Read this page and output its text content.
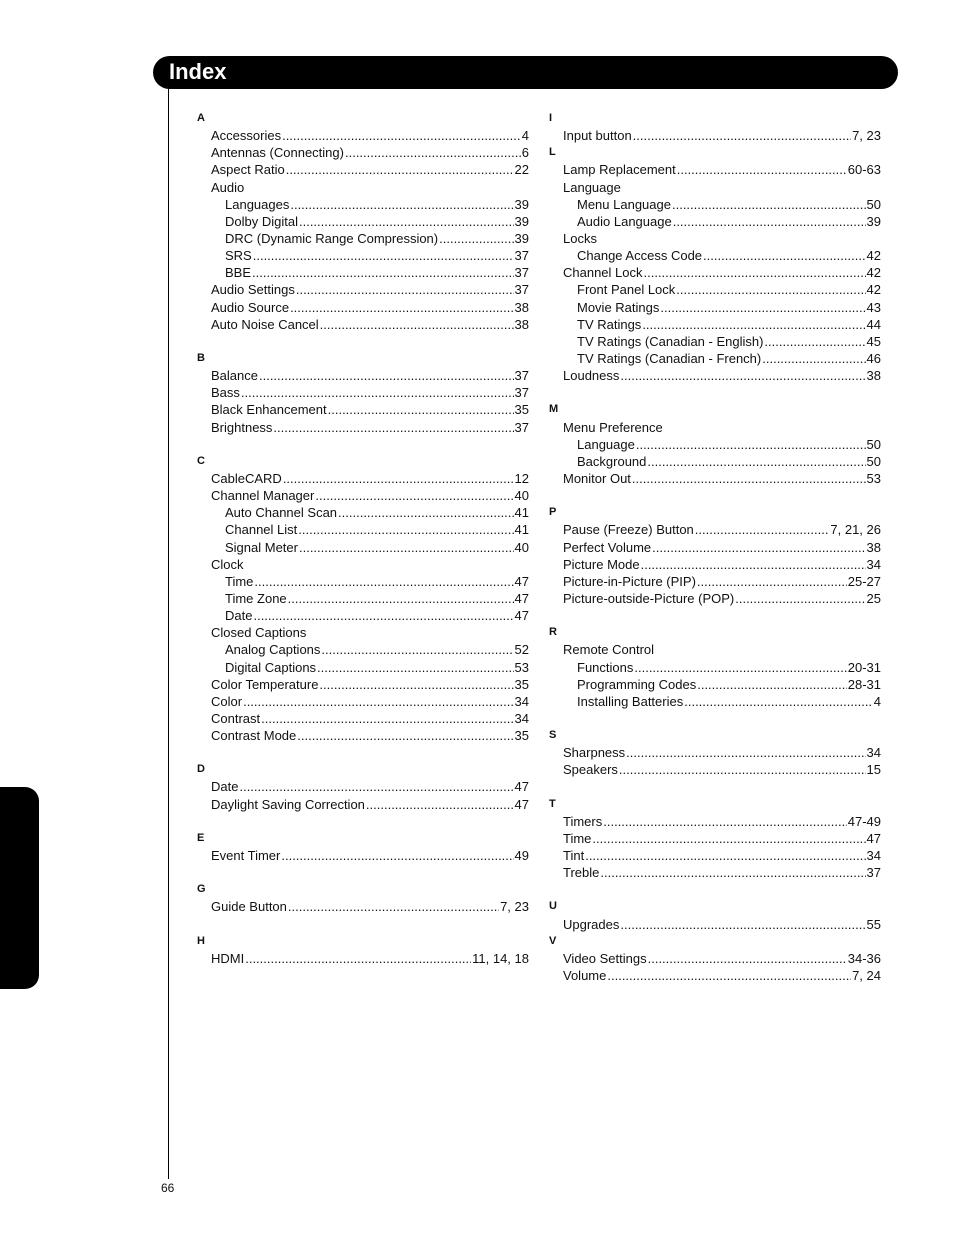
Index
A
Accessories .....	4
Antennas (Connecting) .....	6
Aspect Ratio .....	22
Audio
Languages .....	39
Dolby Digital .....	39
DRC (Dynamic Range Compression) .....	39
SRS .....	37
BBE .....	37
Audio Settings .....	37
Audio Source .....	38
Auto Noise Cancel .....	38
B
Balance .....	37
Bass .....	37
Black Enhancement .....	35
Brightness .....	37
C
CableCARD .....	12
Channel Manager .....	40
Auto Channel Scan .....	41
Channel List .....	41
Signal Meter .....	40
Clock
Time .....	47
Time Zone .....	47
Date .....	47
Closed Captions
Analog Captions .....	52
Digital Captions .....	53
Color Temperature .....	35
Color .....	34
Contrast .....	34
Contrast Mode .....	35
D
Date .....	47
Daylight Saving Correction .....	47
E
Event Timer .....	49
G
Guide Button .....	7, 23
H
HDMI .....	11, 14, 18
I
Input button .....	7, 23
L
Lamp Replacement .....	60-63
Language
Menu Language .....	50
Audio Language .....	39
Locks
Change Access Code .....	42
Channel Lock .....	42
Front Panel Lock .....	42
Movie Ratings .....	43
TV Ratings .....	44
TV Ratings (Canadian - English) .....	45
TV Ratings (Canadian - French) .....	46
Loudness .....	38
M
Menu Preference
Language .....	50
Background .....	50
Monitor Out .....	53
P
Pause (Freeze) Button .....	7, 21, 26
Perfect Volume .....	38
Picture Mode .....	34
Picture-in-Picture (PIP) .....	25-27
Picture-outside-Picture (POP) .....	25
R
Remote Control
Functions .....	20-31
Programming Codes .....	28-31
Installing Batteries .....	4
S
Sharpness .....	34
Speakers .....	15
T
Timers .....	47-49
Time .....	47
Tint .....	34
Treble .....	37
U
Upgrades .....	55
V
Video Settings .....	34-36
Volume .....	7, 24
66
